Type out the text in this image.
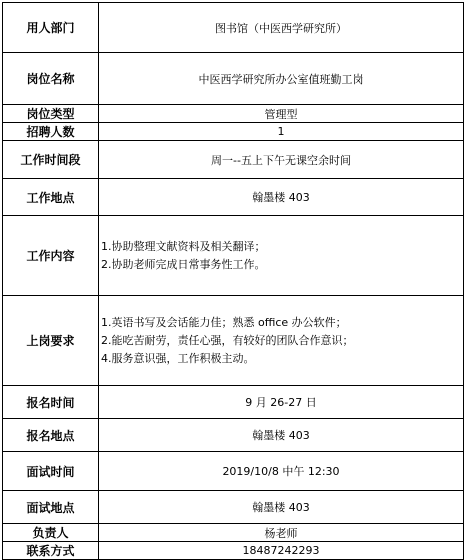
用人部门	图书馆（中医西学研究所）
岗位名称	中医西学研究所办公室值班勤工岗
岗位类型	管理型
招聘人数	1
工作时间段	周一--五上下午无课空余时间
工作地点	翰墨楼 403
工作内容	1.协助整理文献资料及相关翻译；
2.协助老师完成日常事务性工作。

上岗要求	1.英语书写及会话能力佳；熟悉 office 办公软件；
2.能吃苦耐劳，责任心强，有较好的团队合作意识；
4.服务意识强，工作积极主动。

报名时间	9 月 26-27 日
报名地点	翰墨楼 403
面试时间	2019/10/8 中午 12:30
面试地点	翰墨楼 403
负责人	杨老师
联系方式	18487242293
